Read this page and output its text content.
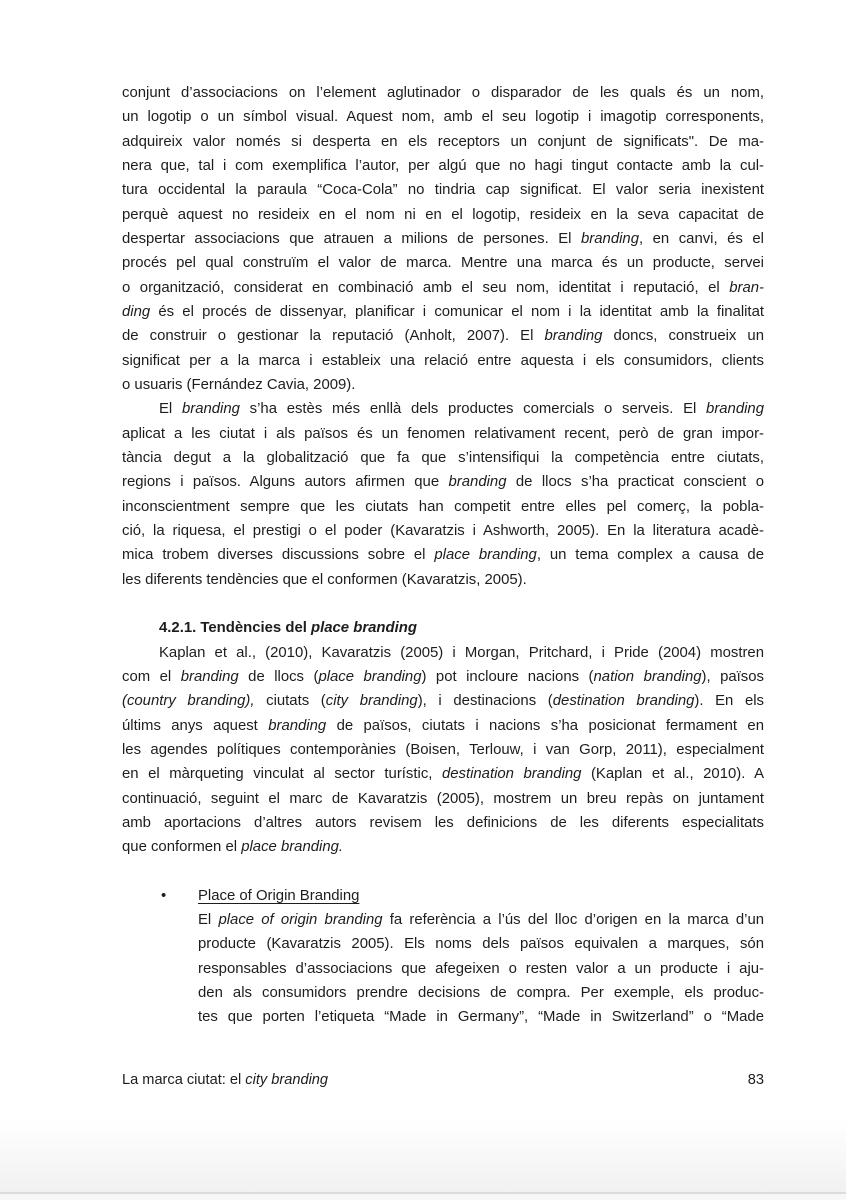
conjunt d’associacions on l’element aglutinador o disparador de les quals és un nom,
un logotip o un símbol visual. Aquest nom, amb el seu logotip i imagotip corresponents,
adquireix valor només si desperta en els receptors un conjunt de significats". De ma-
nera que, tal i com exemplifica l’autor, per algú que no hagi tingut contacte amb la cul-
tura occidental la paraula “Coca-Cola” no tindria cap significat. El valor seria inexistent
perquè aquest no resideix en el nom ni en el logotip, resideix en la seva capacitat de
despertar associacions que atrauen a milions de persones. El branding, en canvi, és el
procés pel qual construïm el valor de marca. Mentre una marca és un producte, servei
o organització, considerat en combinació amb el seu nom, identitat i reputació, el bran-
ding és el procés de dissenyar, planificar i comunicar el nom i la identitat amb la finalitat
de construir o gestionar la reputació (Anholt, 2007). El branding doncs, construeix un
significat per a la marca i estableix una relació entre aquesta i els consumidors, clients
o usuaris (Fernández Cavia, 2009).
El branding s’ha estès més enllà dels productes comercials o serveis. El branding
aplicat a les ciutat i als països és un fenomen relativament recent, però de gran impor-
tància degut a la globalització que fa que s’intensifiqui la competència entre ciutats,
regions i països. Alguns autors afirmen que branding de llocs s’ha practicat conscient o
inconscientment sempre que les ciutats han competit entre elles pel comerç, la pobla-
ció, la riquesa, el prestigi o el poder (Kavaratzis i Ashworth, 2005). En la literatura acadè-
mica trobem diverses discussions sobre el place branding, un tema complex a causa de
les diferents tendències que el conformen (Kavaratzis, 2005).
4.2.1. Tendències del place branding
Kaplan et al., (2010), Kavaratzis (2005) i Morgan, Pritchard, i Pride (2004) mostren
com el branding de llocs (place branding) pot incloure nacions (nation branding), països
(country branding), ciutats (city branding), i destinacions (destination branding). En els
últims anys aquest branding de països, ciutats i nacions s’ha posicionat fermament en
les agendes polítiques contemporànies (Boisen, Terlouw, i van Gorp, 2011), especialment
en el màrqueting vinculat al sector turístic, destination branding (Kaplan et al., 2010). A
continuació, seguint el marc de Kavaratzis (2005), mostrem un breu repàs on juntament
amb aportacions d’altres autors revisem les definicions de les diferents especialitats
que conformen el place branding.
• Place of Origin Branding
El place of origin branding fa referència a l’ús del lloc d’origen en la marca d’un
producte (Kavaratzis 2005). Els noms dels països equivalen a marques, són
responsables d’associacions que afegeixen o resten valor a un producte i aju-
den als consumidors prendre decisions de compra. Per exemple, els produc-
tes que porten l’etiqueta “Made in Germany”, “Made in Switzerland” o “Made
La marca ciutat: el city branding	83
